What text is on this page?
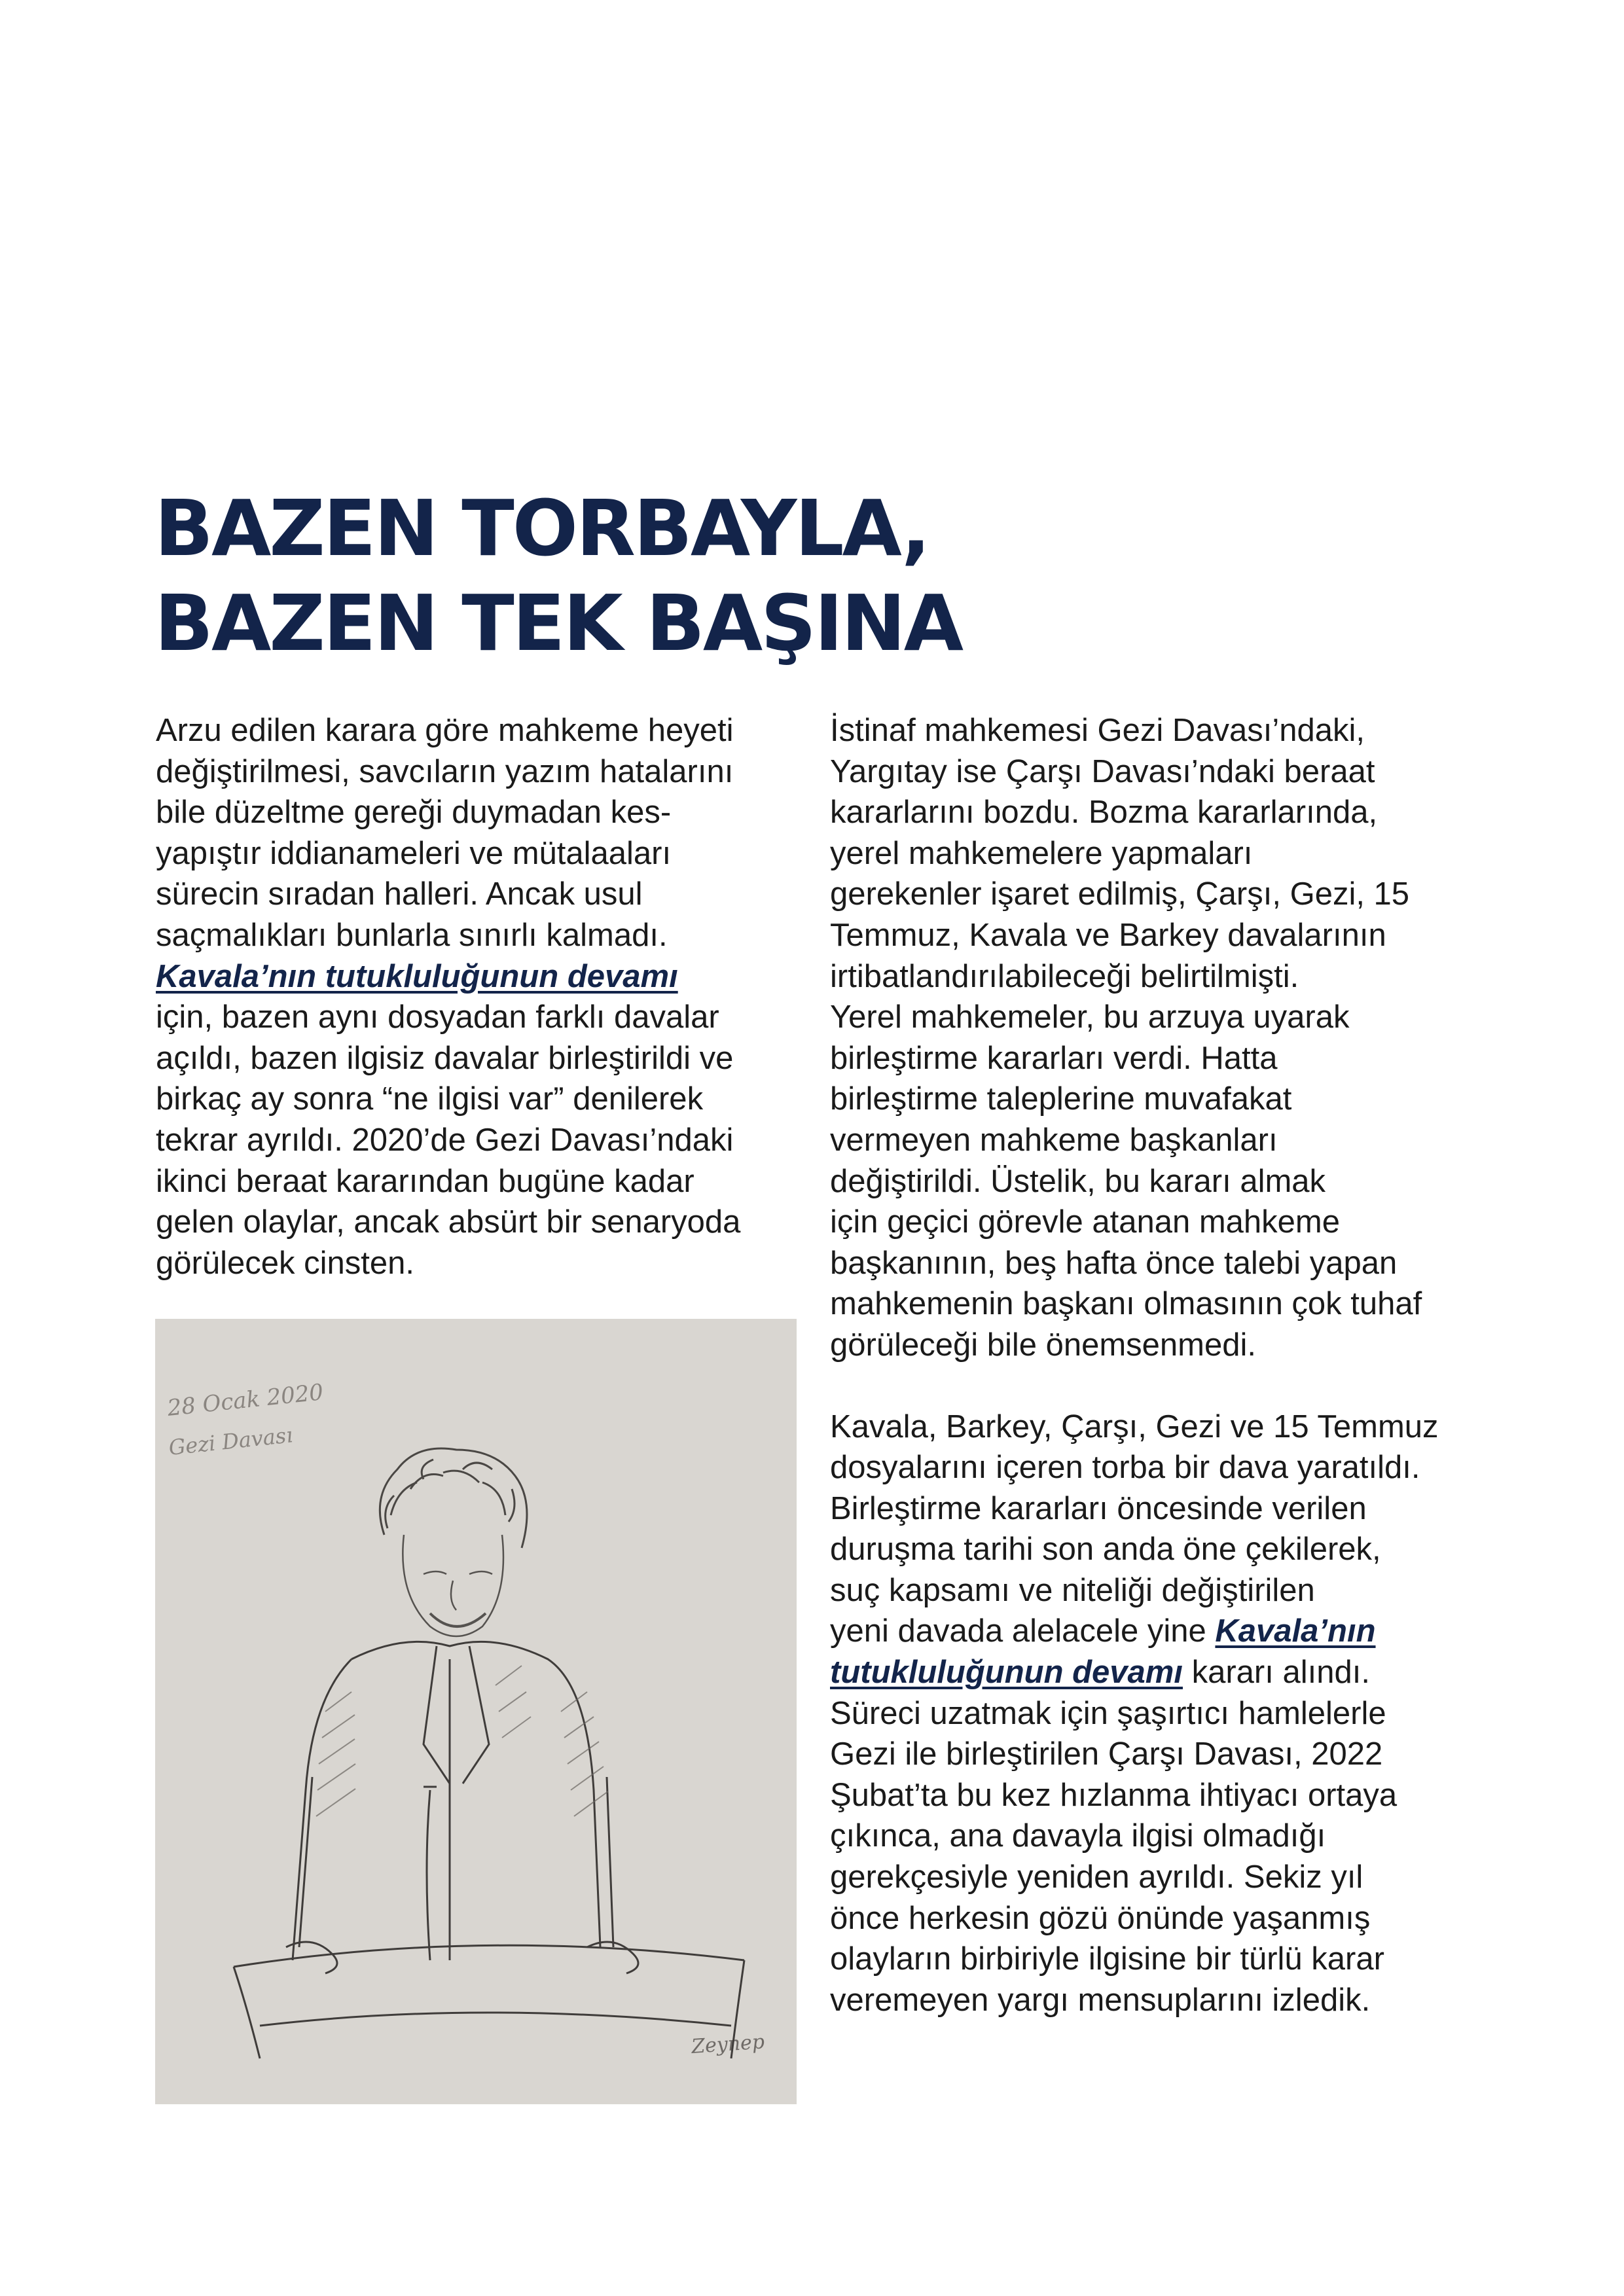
BAZEN TORBAYLA,
BAZEN TEK BAŞINA
Arzu edilen karara göre mahkeme heyeti
değiştirilmesi, savcıların yazım hatalarını
bile düzeltme gereği duymadan kes-
yapıştır iddianameleri ve mütalaaları
sürecin sıradan halleri. Ancak usul
saçmalıkları bunlarla sınırlı kalmadı.
Kavala’nın tutukluluğunun devamı
için, bazen aynı dosyadan farklı davalar
açıldı, bazen ilgisiz davalar birleştirildi ve
birkaç ay sonra “ne ilgisi var” denilerek
tekrar ayrıldı. 2020’de Gezi Davası’ndaki
ikinci beraat kararından bugüne kadar
gelen olaylar, ancak absürt bir senaryoda
görülecek cinsten.
İstinaf mahkemesi Gezi Davası’ndaki,
Yargıtay ise Çarşı Davası’ndaki beraat
kararlarını bozdu. Bozma kararlarında,
yerel mahkemelere yapmaları
gerekenler işaret edilmiş, Çarşı, Gezi, 15
Temmuz, Kavala ve Barkey davalarının
irtibatlandırılabileceği belirtilmişti.
Yerel mahkemeler, bu arzuya uyarak
birleştirme kararları verdi. Hatta
birleştirme taleplerine muvafakat
vermeyen mahkeme başkanları
değiştirildi. Üstelik, bu kararı almak
için geçici görevle atanan mahkeme
başkanının, beş hafta önce talebi yapan
mahkemenin başkanı olmasının çok tuhaf
görüleceği bile önemsenmedi.
Kavala, Barkey, Çarşı, Gezi ve 15 Temmuz
dosyalarını içeren torba bir dava yaratıldı.
Birleştirme kararları öncesinde verilen
duruşma tarihi son anda öne çekilerek,
suç kapsamı ve niteliği değiştirilen
yeni davada alelacele yine Kavala’nın
tutukluluğunun devamı kararı alındı.
Süreci uzatmak için şaşırtıcı hamlelerle
Gezi ile birleştirilen Çarşı Davası, 2022
Şubat’ta bu kez hızlanma ihtiyacı ortaya
çıkınca, ana davayla ilgisi olmadığı
gerekçesiyle yeniden ayrıldı. Sekiz yıl
önce herkesin gözü önünde yaşanmış
olayların birbiriyle ilgisine bir türlü karar
veremeyen yargı mensuplarını izledik.
28 Ocak 2020
Gezi Davası
Zeynep
